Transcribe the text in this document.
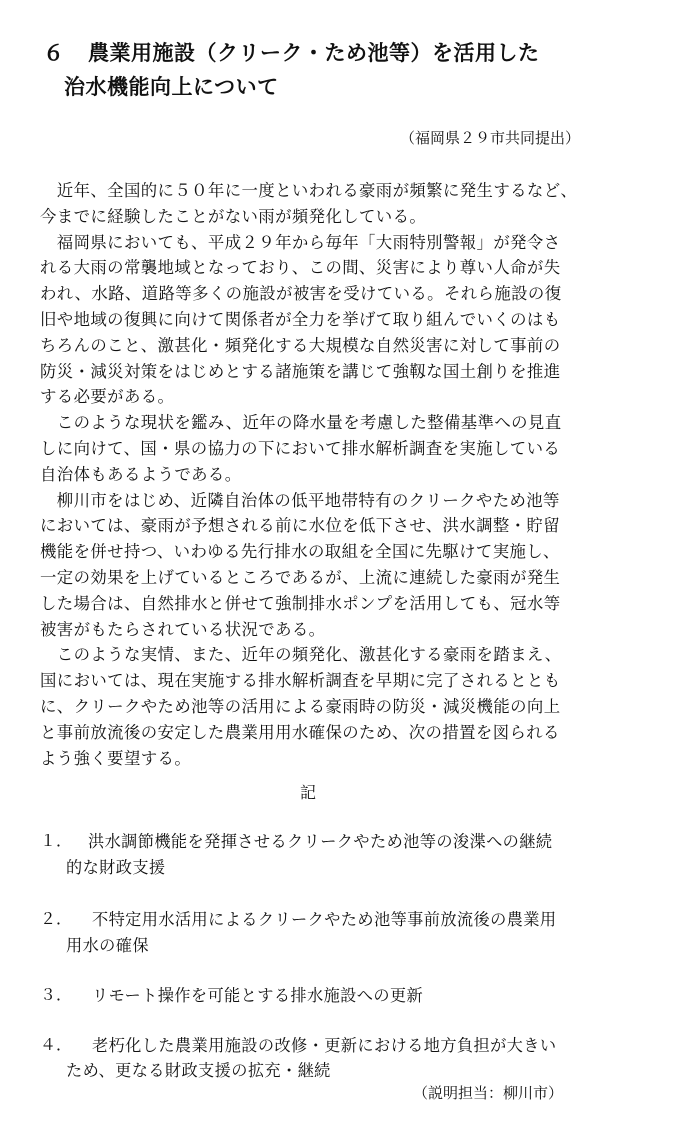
６ 農業用施設（クリーク・ため池等）を活用した
治水機能向上について
（福岡県２９市共同提出）
　近年、全国的に５０年に一度といわれる豪雨が頻繁に発生するなど、
今までに経験したことがない雨が頻発化している。
　福岡県においても、平成２９年から毎年「大雨特別警報」が発令さ
れる大雨の常襲地域となっており、この間、災害により尊い人命が失
われ、水路、道路等多くの施設が被害を受けている。それら施設の復
旧や地域の復興に向けて関係者が全力を挙げて取り組んでいくのはも
ちろんのこと、激甚化・頻発化する大規模な自然災害に対して事前の
防災・減災対策をはじめとする諸施策を講じて強靱な国土創りを推進
する必要がある。
　このような現状を鑑み、近年の降水量を考慮した整備基準への見直
しに向けて、国・県の協力の下において排水解析調査を実施している
自治体もあるようである。
　柳川市をはじめ、近隣自治体の低平地帯特有のクリークやため池等
においては、豪雨が予想される前に水位を低下させ、洪水調整・貯留
機能を併せ持つ、いわゆる先行排水の取組を全国に先駆けて実施し、
一定の効果を上げているところであるが、上流に連続した豪雨が発生
した場合は、自然排水と併せて強制排水ポンプを活用しても、冠水等
被害がもたらされている状況である。
　このような実情、また、近年の頻発化、激甚化する豪雨を踏まえ、
国においては、現在実施する排水解析調査を早期に完了されるととも
に、クリークやため池等の活用による豪雨時の防災・減災機能の向上
と事前放流後の安定した農業用用水確保のため、次の措置を図られる
よう強く要望する。
記
１． 洪水調節機能を発揮させるクリークやため池等の浚渫への継続
的な財政支援
２． 不特定用水活用によるクリークやため池等事前放流後の農業用
用水の確保
３． リモート操作を可能とする排水施設への更新
４． 老朽化した農業用施設の改修・更新における地方負担が大きい
ため、更なる財政支援の拡充・継続
（説明担当：柳川市）
